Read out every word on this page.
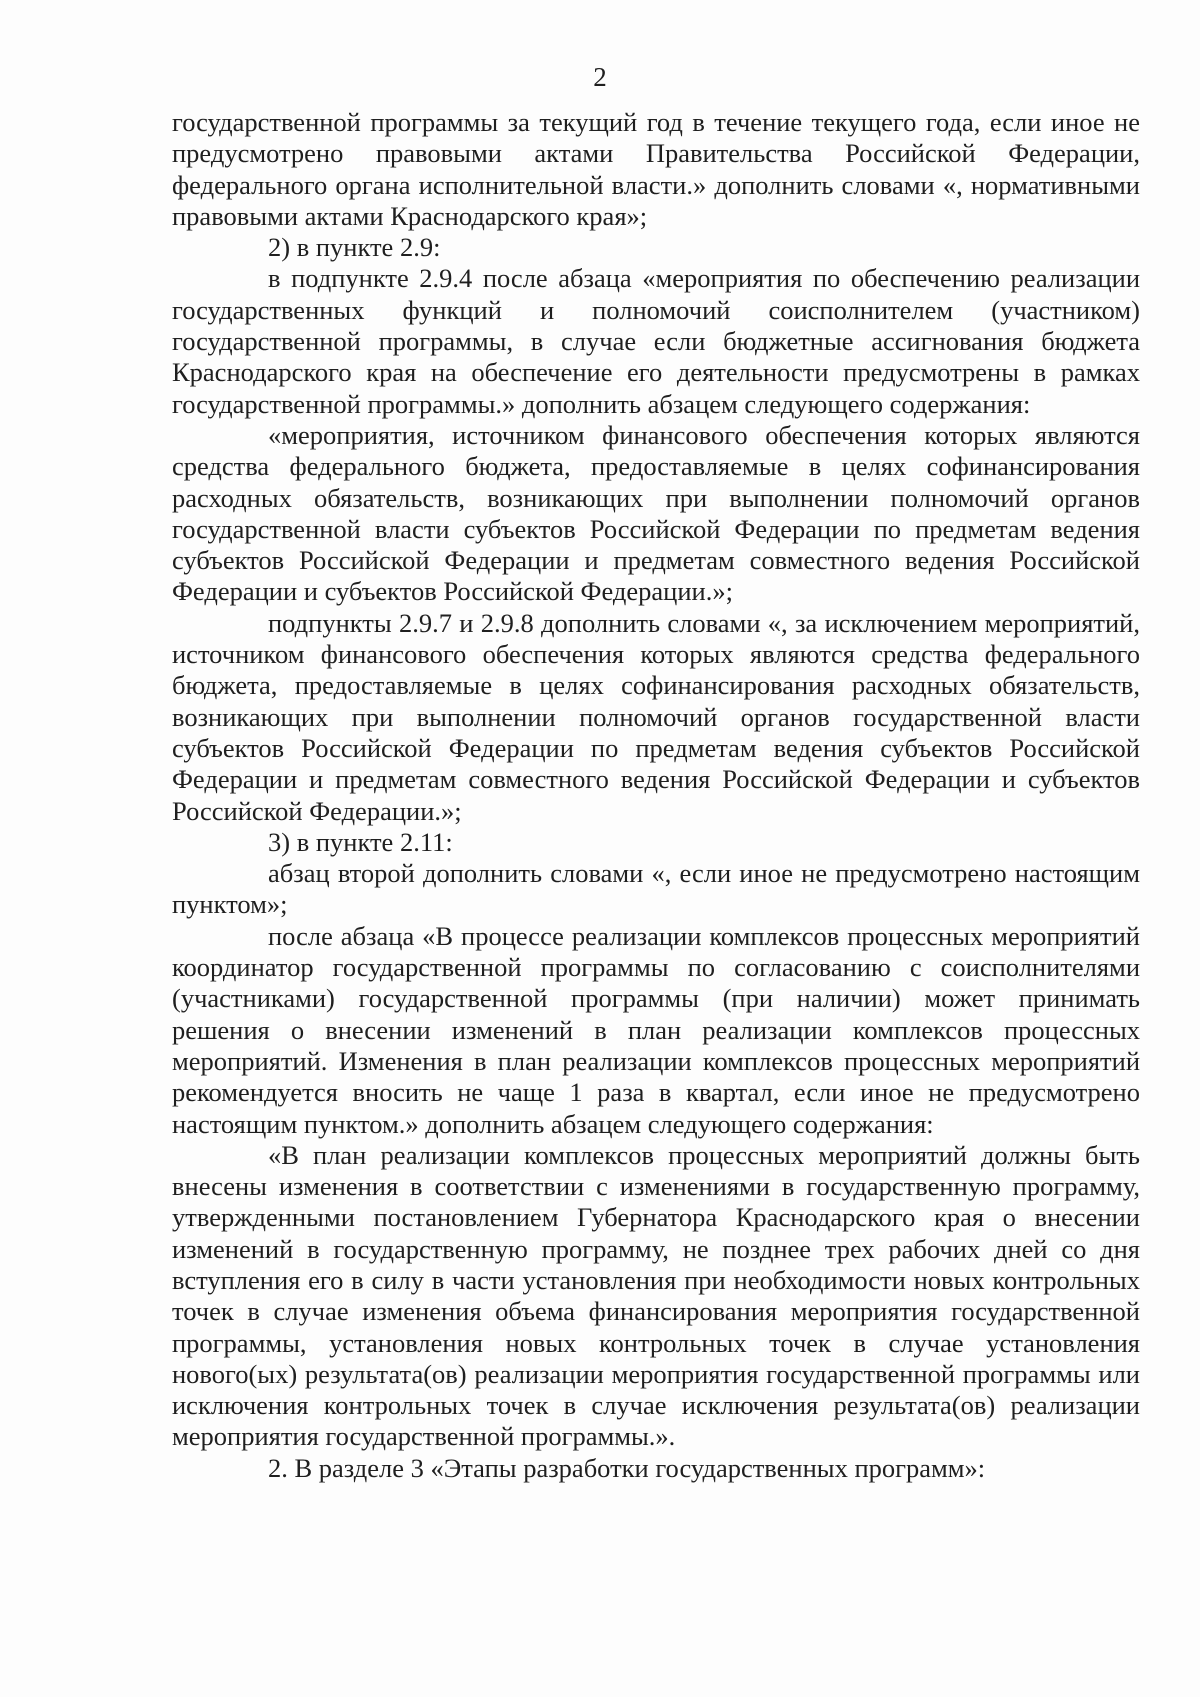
2

государственной программы за текущий год в течение текущего года, если иное не предусмотрено правовыми актами Правительства Российской Федерации, федерального органа исполнительной власти.» дополнить словами «, нормативными правовыми актами Краснодарского края»;

2) в пункте 2.9:

в подпункте 2.9.4 после абзаца «мероприятия по обеспечению реализации государственных функций и полномочий соисполнителем (участником) государственной программы, в случае если бюджетные ассигнования бюджета Краснодарского края на обеспечение его деятельности предусмотрены в рамках государственной программы.» дополнить абзацем следующего содержания:

«мероприятия, источником финансового обеспечения которых являются средства федерального бюджета, предоставляемые в целях софинансирования расходных обязательств, возникающих при выполнении полномочий органов государственной власти субъектов Российской Федерации по предметам ведения субъектов Российской Федерации и предметам совместного ведения Российской Федерации и субъектов Российской Федерации.»;

подпункты 2.9.7 и 2.9.8 дополнить словами «, за исключением мероприятий, источником финансового обеспечения которых являются средства федерального бюджета, предоставляемые в целях софинансирования расходных обязательств, возникающих при выполнении полномочий органов государственной власти субъектов Российской Федерации по предметам ведения субъектов Российской Федерации и предметам совместного ведения Российской Федерации и субъектов Российской Федерации.»;

3) в пункте 2.11:

абзац второй дополнить словами «, если иное не предусмотрено настоящим пунктом»;

после абзаца «В процессе реализации комплексов процессных мероприятий координатор государственной программы по согласованию с соисполнителями (участниками) государственной программы (при наличии) может принимать решения о внесении изменений в план реализации комплексов процессных мероприятий. Изменения в план реализации комплексов процессных мероприятий рекомендуется вносить не чаще 1 раза в квартал, если иное не предусмотрено настоящим пунктом.» дополнить абзацем следующего содержания:

«В план реализации комплексов процессных мероприятий должны быть внесены изменения в соответствии с изменениями в государственную программу, утвержденными постановлением Губернатора Краснодарского края о внесении изменений в государственную программу, не позднее трех рабочих дней со дня вступления его в силу в части установления при необходимости новых контрольных точек в случае изменения объема финансирования мероприятия государственной программы, установления новых контрольных точек в случае установления нового(ых) результата(ов) реализации мероприятия государственной программы или исключения контрольных точек в случае исключения результата(ов) реализации мероприятия государственной программы.».

2. В разделе 3 «Этапы разработки государственных программ»:
